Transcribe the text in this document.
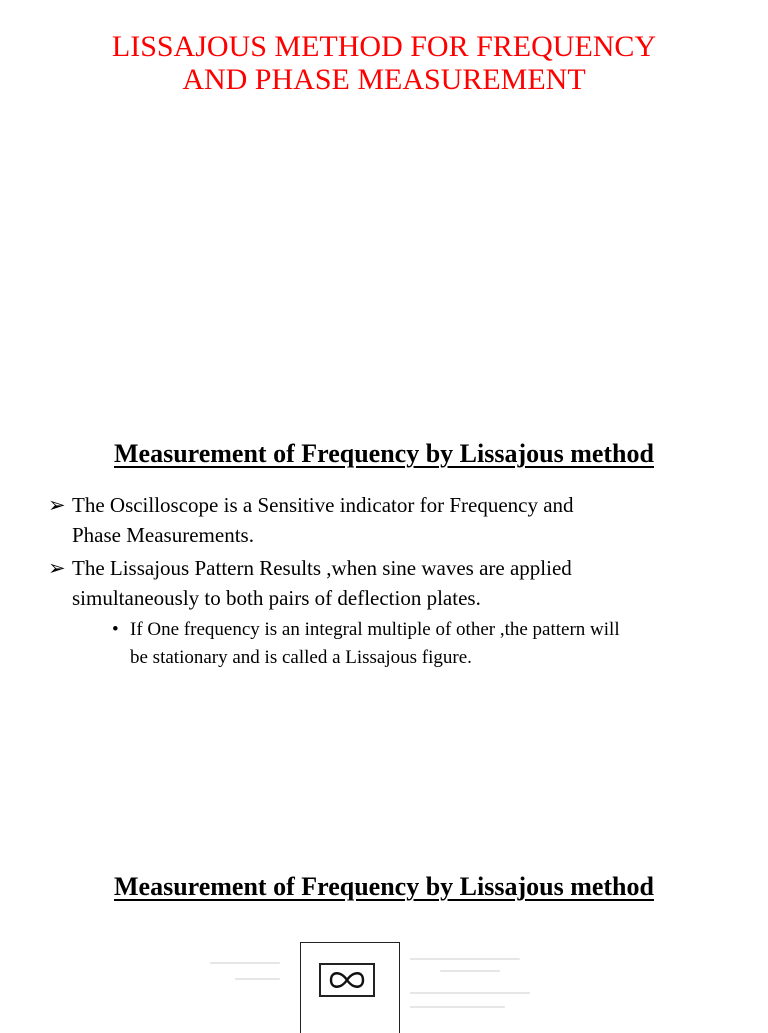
LISSAJOUS METHOD FOR FREQUENCY
AND PHASE MEASUREMENT
Measurement of Frequency by Lissajous method
➢ The Oscilloscope is a Sensitive indicator for Frequency and
Phase Measurements.
➢ The Lissajous Pattern Results ,when sine waves are applied
simultaneously to both pairs of deflection plates.
• If One frequency is an integral multiple of other ,the pattern will
be stationary and is called a Lissajous figure.
Measurement of Frequency by Lissajous method
